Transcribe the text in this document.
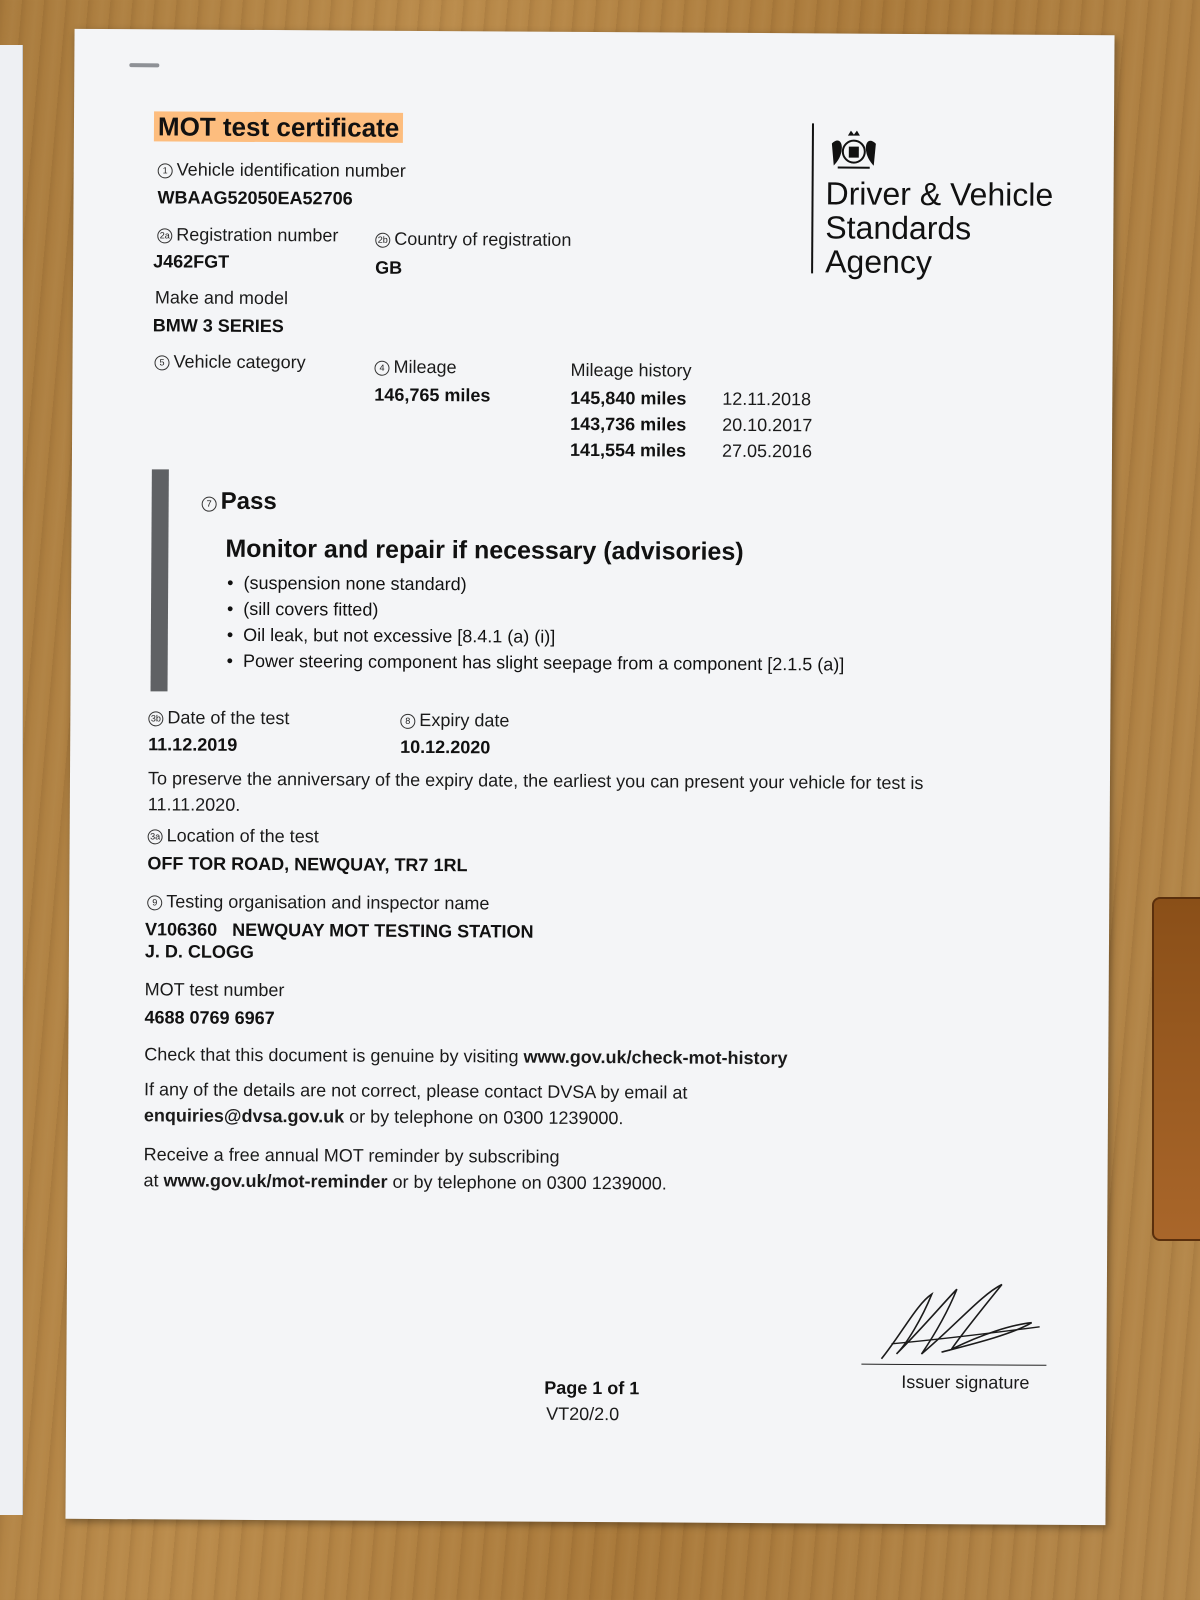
MOT test certificate
1 Vehicle identification number
WBAAG52050EA52706
2a Registration number
J462FGT
2b Country of registration
GB
Make and model
BMW 3 SERIES
5 Vehicle category	4 Mileage
146,765 miles
Mileage history
145,840 miles 12.11.2018
143,736 miles 20.10.2017
141,554 miles 27.05.2016
Driver & Vehicle
Standards
Agency
7 Pass
Monitor and repair if necessary (advisories)
• (suspension none standard)
• (sill covers fitted)
• Oil leak, but not excessive [8.4.1 (a) (i)]
• Power steering component has slight seepage from a component [2.1.5 (a)]
3b Date of the test
11.12.2019
8 Expiry date
10.12.2020
To preserve the anniversary of the expiry date, the earliest you can present your vehicle for test is 11.11.2020.
3a Location of the test
OFF TOR ROAD, NEWQUAY, TR7 1RL
9 Testing organisation and inspector name
V106360 NEWQUAY MOT TESTING STATION
J. D. CLOGG
MOT test number
4688 0769 6967
Check that this document is genuine by visiting www.gov.uk/check-mot-history
If any of the details are not correct, please contact DVSA by email at
enquiries@dvsa.gov.uk or by telephone on 0300 1239000.
Receive a free annual MOT reminder by subscribing
at www.gov.uk/mot-reminder or by telephone on 0300 1239000.
Issuer signature
Page 1 of 1
VT20/2.0
